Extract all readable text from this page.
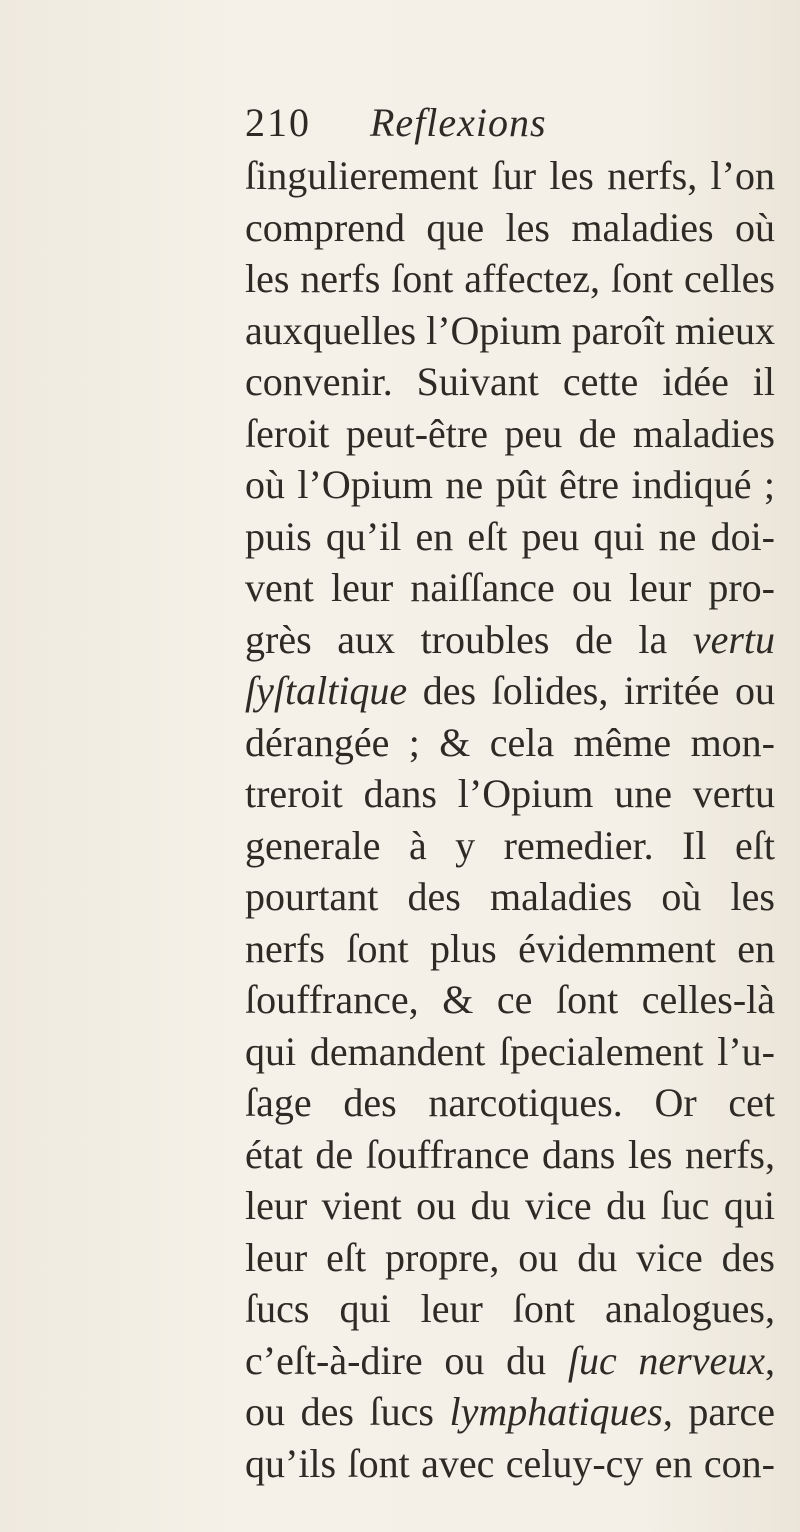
210 Reflexions
ſingulierement ſur les nerfs, l’on
comprend que les maladies où
les nerfs ſont affectez, ſont celles
auxquelles l’Opium paroît mieux
convenir. Suivant cette idée il
ſeroit peut-être peu de maladies
où l’Opium ne pût être indiqué ;
puis qu’il en eſt peu qui ne doi-
vent leur naiſſance ou leur pro-
grès aux troubles de la vertu
ſyſtaltique des ſolides, irritée ou
dérangée ; & cela même mon-
treroit dans l’Opium une vertu
generale à y remedier. Il eſt
pourtant des maladies où les
nerfs ſont plus évidemment en
ſouffrance, & ce ſont celles-là
qui demandent ſpecialement l’u-
ſage des narcotiques. Or cet
état de ſouffrance dans les nerfs,
leur vient ou du vice du ſuc qui
leur eſt propre, ou du vice des
ſucs qui leur ſont analogues,
c’eſt-à-dire ou du ſuc nerveux,
ou des ſucs lymphatiques, parce
qu’ils ſont avec celuy-cy en con-
